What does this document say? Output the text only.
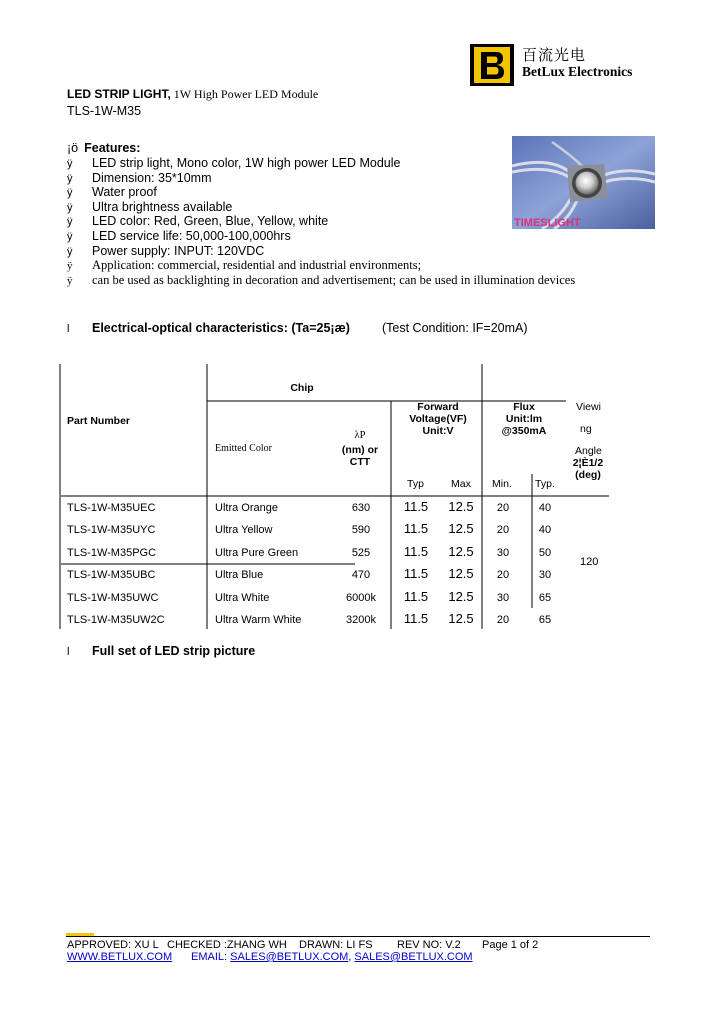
百流光电
BetLux Electronics
LED STRIP LIGHT, 1W High Power LED Module
TLS-1W-M35
¡ö Features:
ÿ LED strip light, Mono color, 1W high power LED Module
ÿ Dimension: 35*10mm
ÿ Water proof
ÿ Ultra brightness available
ÿ LED color: Red, Green, Blue, Yellow, white
ÿ LED service life: 50,000-100,000hrs
ÿ Power supply: INPUT: 120VDC
ÿ Application: commercial, residential and industrial environments;
ÿ can be used as backlighting in decoration and advertisement; can be used in illumination devices
TIMESLIGHT
l Electrical-optical characteristics: (Ta=25¡æ)	(Test Condition: IF=20mA)
Chip
Part Number
Emitted Color
λP
(nm) or
CTT
Forward
Voltage(VF)
Unit:V
Typ	Max
Flux
Unit:lm
@350mA
Min. Typ.
Viewi
ng
Angle
2¦È1/2
(deg)
TLS-1W-M35UEC	Ultra Orange	630	11.5	12.5	20	40
TLS-1W-M35UYC	Ultra Yellow	590	11.5	12.5	20	40
TLS-1W-M35PGC	Ultra Pure Green	525	11.5	12.5	30	50
TLS-1W-M35UBC	Ultra Blue	470	11.5	12.5	20	30
TLS-1W-M35UWC	Ultra White	6000k	11.5	12.5	30	65
TLS-1W-M35UW2C	Ultra Warm White	3200k	11.5	12.5	20	65
120
l Full set of LED strip picture
APPROVED: XU L CHECKED :ZHANG WH DRAWN: LI FS REV NO: V.2 Page 1 of 2
WWW.BETLUX.COM EMAIL: SALES@BETLUX.COM, SALES@BETLUX.COM
